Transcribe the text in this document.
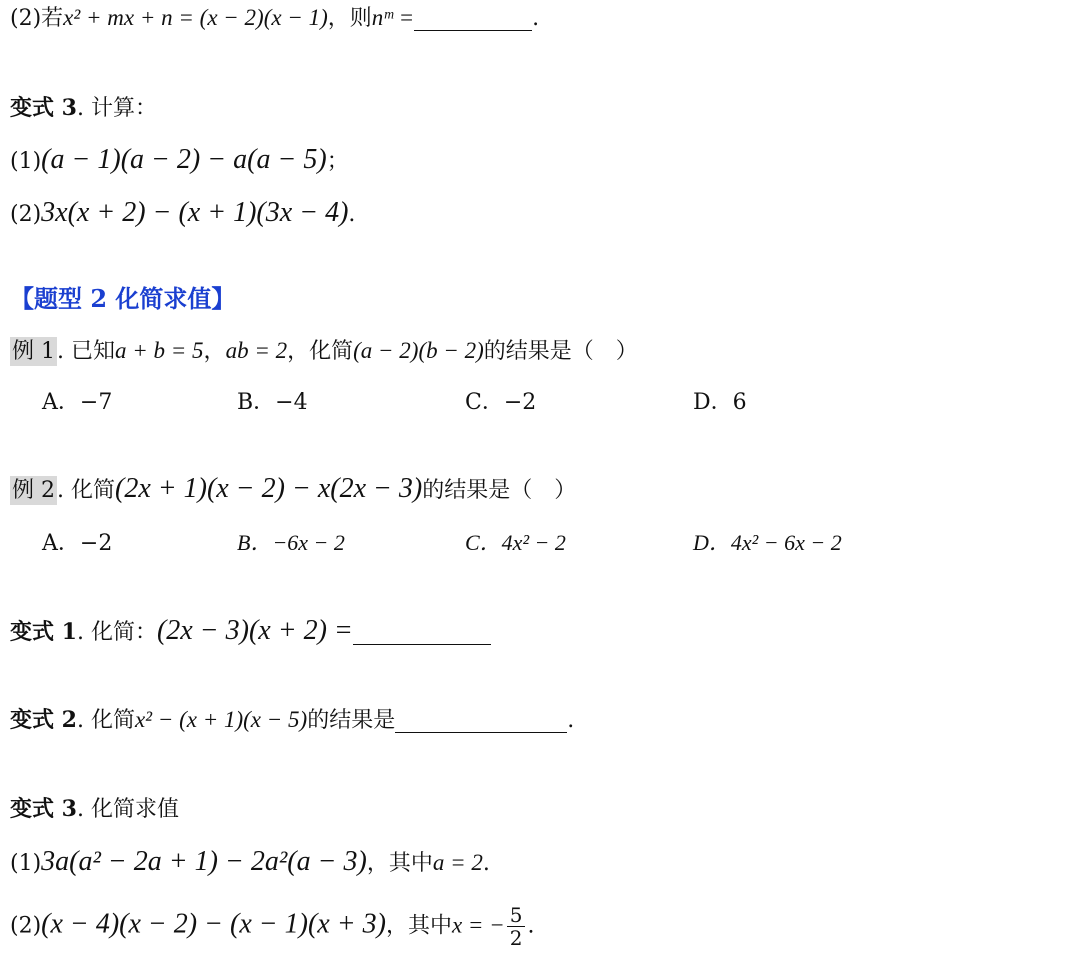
(2)若x² + mx + n = (x − 2)(x − 1)，则nᵐ =	.
变式 3. 计算：
(1)(a − 1)(a − 2) − a(a − 5)；
(2)3x(x + 2) − (x + 1)(3x − 4).
【题型 2 化简求值】
例 1. 已知a + b = 5，ab = 2，化简(a − 2)(b − 2)的结果是（　）
A．−7	B．−4	C．−2	D．6
例 2. 化简(2x + 1)(x − 2) − x(2x − 3)的结果是（　）
A．−2	B．−6x − 2	C．4x² − 2	D．4x² − 6x − 2
变式 1. 化简：(2x − 3)(x + 2) =
变式 2. 化简x² − (x + 1)(x − 5)的结果是	.
变式 3. 化简求值
(1)3a(a² − 2a + 1) − 2a²(a − 3)，其中a = 2.
(2)(x − 4)(x − 2) − (x − 1)(x + 3)，其中x = − $\frac{5}{2}$ .
